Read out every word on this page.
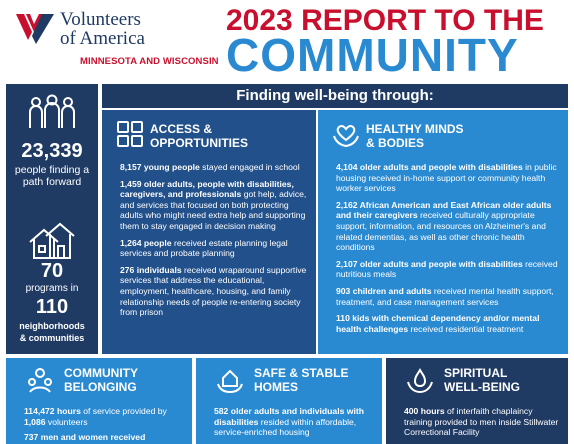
Volunteers
of America
MINNESOTA AND WISCONSIN
2023 REPORT TO THE
COMMUNITY
23,339
people finding a
path forward
70
programs in
110
neighborhoods
& communities
Finding well-being through:
ACCESS &
OPPORTUNITIES

8,157 young people stayed engaged in school

1,459 older adults, people with disabilities, caregivers, and professionals got help, advice, and services that focused on both protecting adults who might need extra help and supporting them to stay engaged in decision making

1,264 people received estate planning legal services and probate planning

276 individuals received wraparound supportive services that address the educational, employment, healthcare, housing, and family relationship needs of people re-entering society from prison

HEALTHY MINDS
& BODIES

4,104 older adults and people with disabilities in public housing received in-home support or community health worker services

2,162 African American and East African older adults and their caregivers received culturally appropriate support, information, and resources on Alzheimer's and related dementias, as well as other chronic health conditions

2,107 older adults and people with disabilities received nutritious meals

903 children and adults received mental health support, treatment, and case management services

110 kids with chemical dependency and/or mental health challenges received residential treatment

COMMUNITY
BELONGING

114,472 hours of service provided by 1,086 volunteers

737 men and women received

SAFE & STABLE
HOMES

582 older adults and individuals with disabilities resided within affordable, service-enriched housing

SPIRITUAL
WELL-BEING

400 hours of interfaith chaplaincy training provided to men inside Stillwater Correctional Facility
